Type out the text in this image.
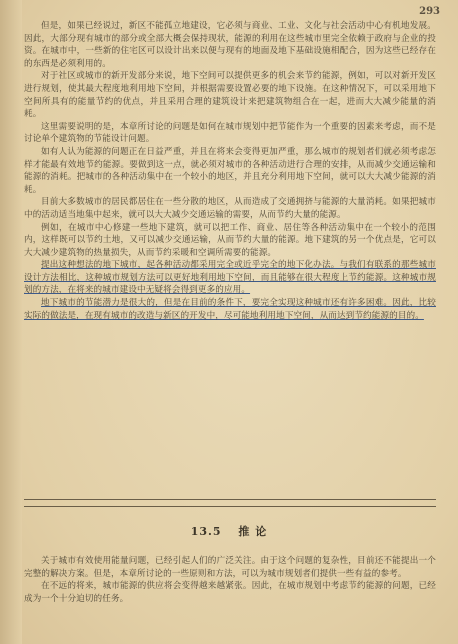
293

但是，如果已经说过，新区不能孤立地建设，它必须与商业、工业、文化与社会活动中心有机地发展。因此，大部分现有城市的部分或全部大概会保持现状，能源的利用在这些城市里完全依赖于政府与企业的投资。在城市中，一些新的住宅区可以设计出来以便与现有的地面及地下基础设施相配合，因为这些已经存在的东西是必须利用的。

对于社区或城市的新开发部分来说，地下空间可以提供更多的机会来节约能源，例如，可以对新开发区进行规划，使其最大程度地利用地下空间，并根据需要设置必要的地下设施。在这种情况下，可以采用地下空间所具有的能量节约的优点，并且采用合理的建筑设计来把建筑物组合在一起，进而大大减少能量的消耗。

这里需要说明的是，本章所讨论的问题是如何在城市规划中把节能作为一个重要的因素来考虑，而不是讨论单个建筑物的节能设计问题。

如有人认为能源的问题正在日益严重，并且在将来会变得更加严重，那么城市的规划者们就必须考虑怎样才能最有效地节约能源。要做到这一点，就必须对城市的各种活动进行合理的安排，从而减少交通运输和能源的消耗。把城市的各种活动集中在一个较小的地区，并且充分利用地下空间，就可以大大减少能源的消耗。

目前大多数城市的居民都居住在一些分散的地区，从而造成了交通拥挤与能源的大量消耗。如果把城市中的活动适当地集中起来，就可以大大减少交通运输的需要，从而节约大量的能源。

例如，在城市中心修建一些地下建筑，就可以把工作、商业、居住等各种活动集中在一个较小的范围内，这样既可以节约土地，又可以减少交通运输，从而节约大量的能源。地下建筑的另一个优点是，它可以大大减少建筑物的热量损失，从而节约采暖和空调所需要的能源。

提出这种想法的地下城市，起各种活动都采用完全或近乎完全的地下化办法。与我们有联系的那些城市设计方法相比，这种城市规划方法可以更好地利用地下空间，而且能够在很大程度上节约能源。这种城市规划的方法，在将来的城市建设中无疑将会得到更多的应用。

地下城市的节能潜力是很大的，但是在目前的条件下，要完全实现这种城市还有许多困难。因此，比较实际的做法是，在现有城市的改造与新区的开发中，尽可能地利用地下空间，从而达到节约能源的目的。

13.5 推 论

关于城市有效使用能量问题，已经引起人们的广泛关注。由于这个问题的复杂性，目前还不能提出一个完整的解决方案。但是，本章所讨论的一些原则和方法，可以为城市规划者们提供一些有益的参考。

在不远的将来，城市能源的供应将会变得越来越紧张。因此，在城市规划中考虑节约能源的问题，已经成为一个十分迫切的任务。
